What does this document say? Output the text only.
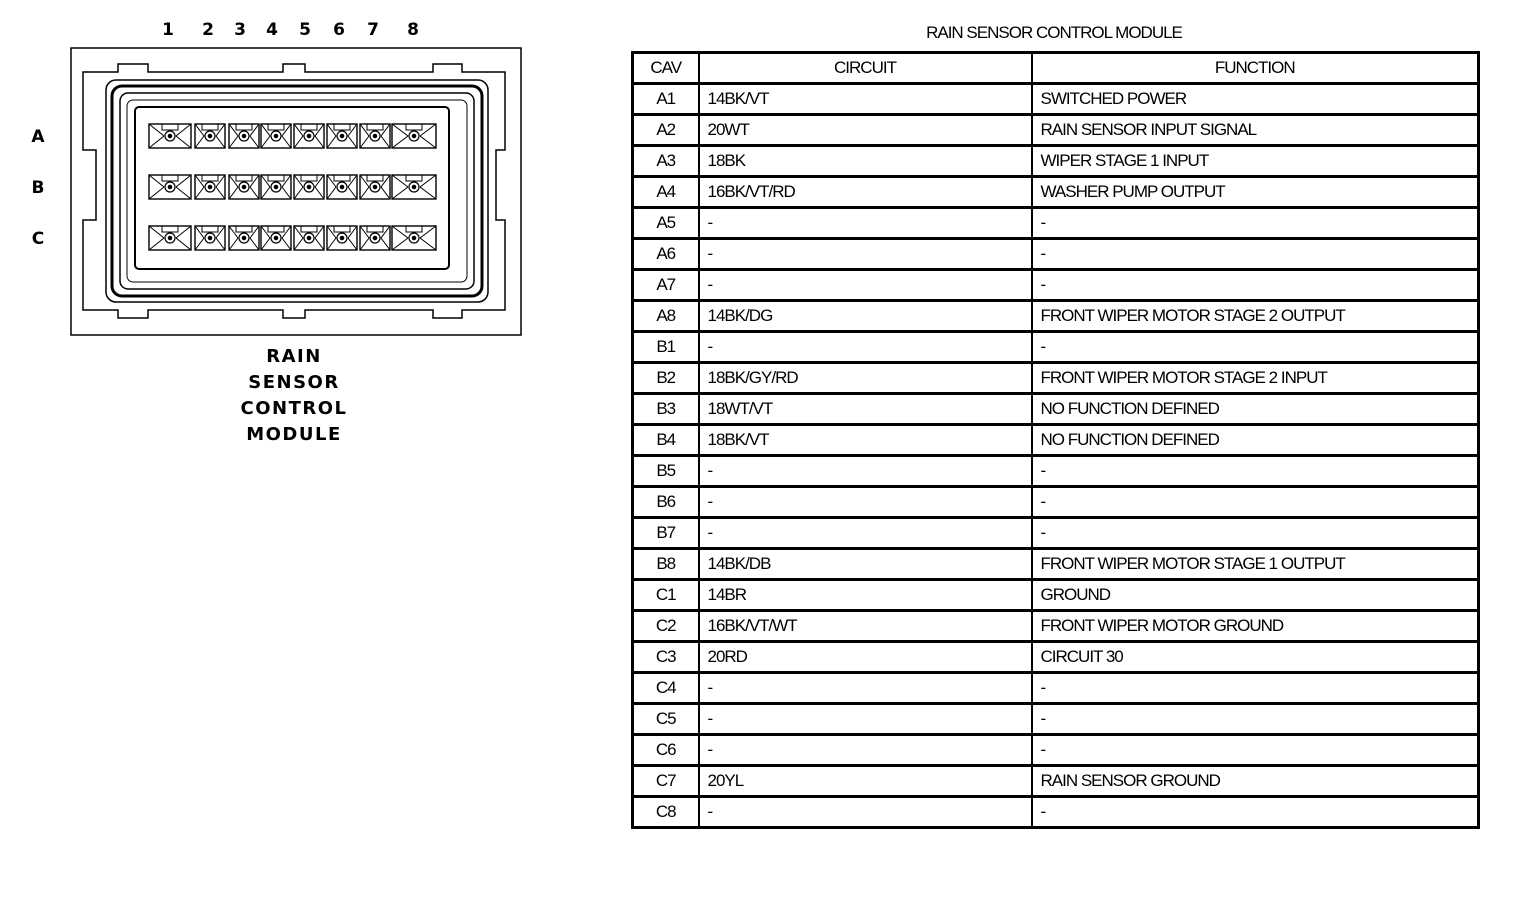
1 2 3 4 5 6 7 8
A
B
C
RAIN
SENSOR
CONTROL
MODULE
RAIN SENSOR CONTROL MODULE
CAV	CIRCUIT	FUNCTION
A1	14BK/VT	SWITCHED POWER
A2	20WT	RAIN SENSOR INPUT SIGNAL
A3	18BK	WIPER STAGE 1 INPUT
A4	16BK/VT/RD	WASHER PUMP OUTPUT
A5	-	-
A6	-	-
A7	-	-
A8	14BK/DG	FRONT WIPER MOTOR STAGE 2 OUTPUT
B1	-	-
B2	18BK/GY/RD	FRONT WIPER MOTOR STAGE 2 INPUT
B3	18WT/VT	NO FUNCTION DEFINED
B4	18BK/VT	NO FUNCTION DEFINED
B5	-	-
B6	-	-
B7	-	-
B8	14BK/DB	FRONT WIPER MOTOR STAGE 1 OUTPUT
C1	14BR	GROUND
C2	16BK/VT/WT	FRONT WIPER MOTOR GROUND
C3	20RD	CIRCUIT 30
C4	-	-
C5	-	-
C6	-	-
C7	20YL	RAIN SENSOR GROUND
C8	-	-
